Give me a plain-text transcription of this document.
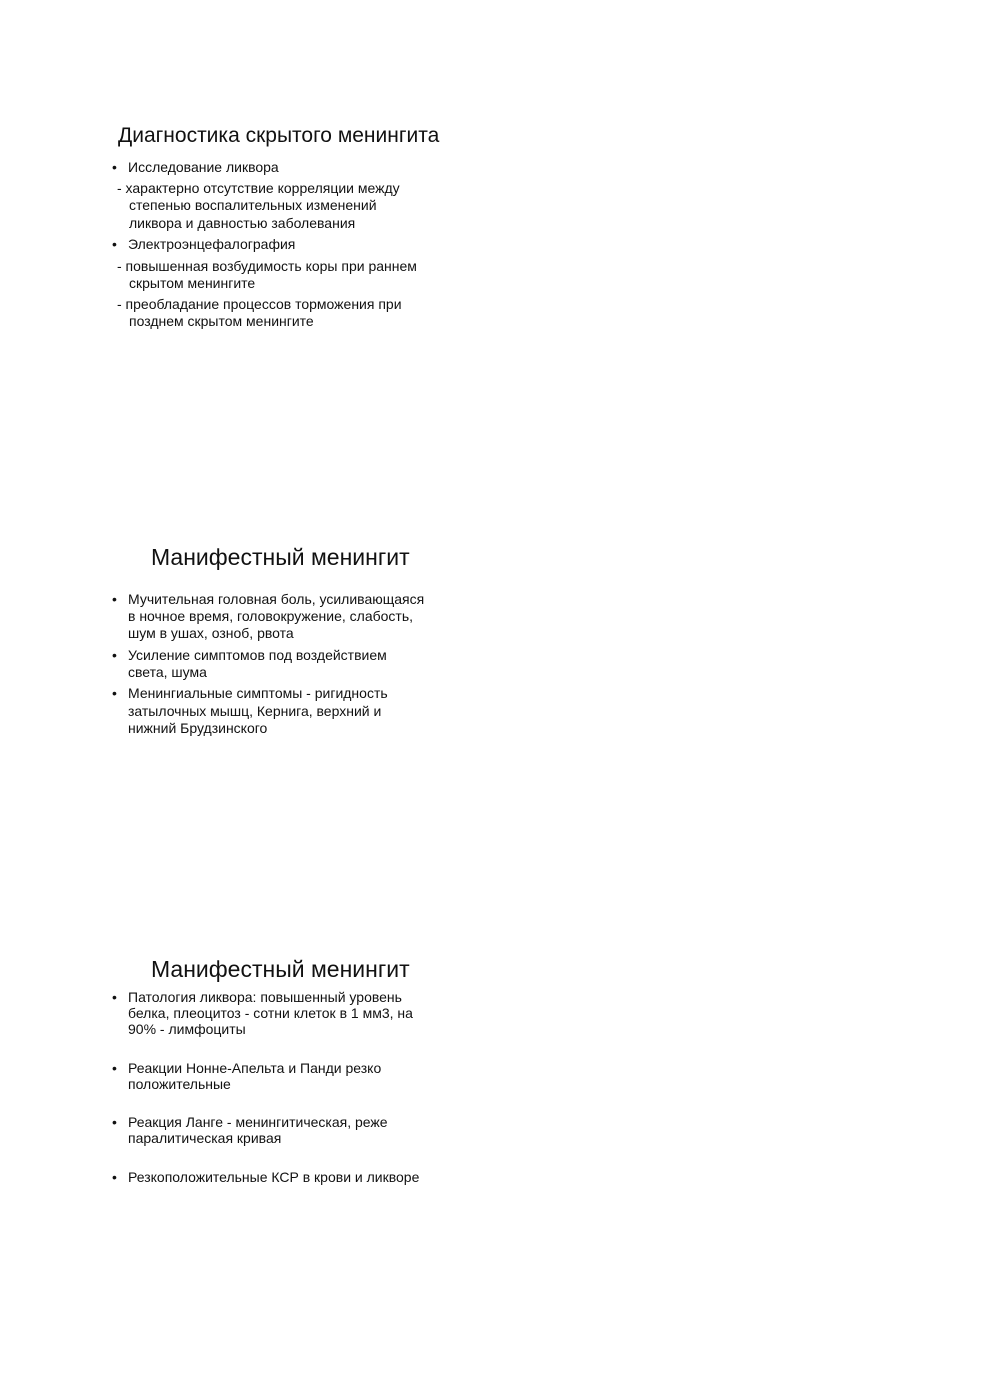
Диагностика скрытого менингита
• Исследование ликвора
- характерно отсутствие корреляции между
степенью воспалительных изменений
ликвора и давностью заболевания
• Электроэнцефалография
- повышенная возбудимость коры при раннем
скрытом менингите
- преобладание процессов торможения при
позднем скрытом менингите
Манифестный менингит
• Мучительная головная боль, усиливающаяся
в ночное время, головокружение, слабость,
шум в ушах, озноб, рвота
• Усиление симптомов под воздействием
света, шума
• Менингиальные симптомы - ригидность
затылочных мышц, Кернига, верхний и
нижний Брудзинского
Манифестный менингит
• Патология ликвора: повышенный уровень
белка, плеоцитоз - сотни клеток в 1 мм3, на
90% - лимфоциты
• Реакции Нонне-Апельта и Панди резко
положительные
• Реакция Ланге - менингитическая, реже
паралитическая кривая
• Резкоположительные КСР в крови и ликворе
